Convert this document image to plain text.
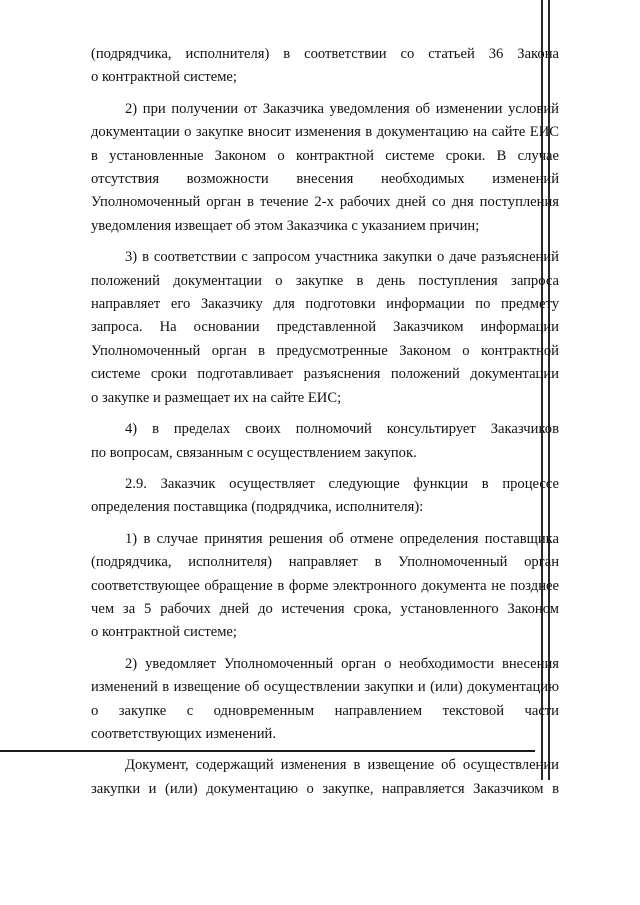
(подрядчика, исполнителя) в соответствии со статьей 36 Закона
о контрактной системе;
2) при получении от Заказчика уведомления об изменении условий
документации о закупке вносит изменения в документацию на сайте ЕИС
в установленные Законом о контрактной системе сроки. В случае
отсутствия возможности внесения необходимых изменений
Уполномоченный орган в течение 2-х рабочих дней со дня поступления
уведомления извещает об этом Заказчика с указанием причин;
3) в соответствии с запросом участника закупки о даче разъяснений
положений документации о закупке в день поступления запроса
направляет его Заказчику для подготовки информации по предмету
запроса. На основании представленной Заказчиком информации
Уполномоченный орган в предусмотренные Законом о контрактной
системе сроки подготавливает разъяснения положений документации
о закупке и размещает их на сайте ЕИС;
4) в пределах своих полномочий консультирует Заказчиков
по вопросам, связанным с осуществлением закупок.
2.9. Заказчик осуществляет следующие функции в процессе
определения поставщика (подрядчика, исполнителя):
1) в случае принятия решения об отмене определения поставщика
(подрядчика, исполнителя) направляет в Уполномоченный орган
соответствующее обращение в форме электронного документа не позднее
чем за 5 рабочих дней до истечения срока, установленного Законом
о контрактной системе;
2) уведомляет Уполномоченный орган о необходимости внесения
изменений в извещение об осуществлении закупки и (или) документацию
о закупке с одновременным направлением текстовой части
соответствующих изменений.
Документ, содержащий изменения в извещение об осуществлении
закупки и (или) документацию о закупке, направляется Заказчиком в
